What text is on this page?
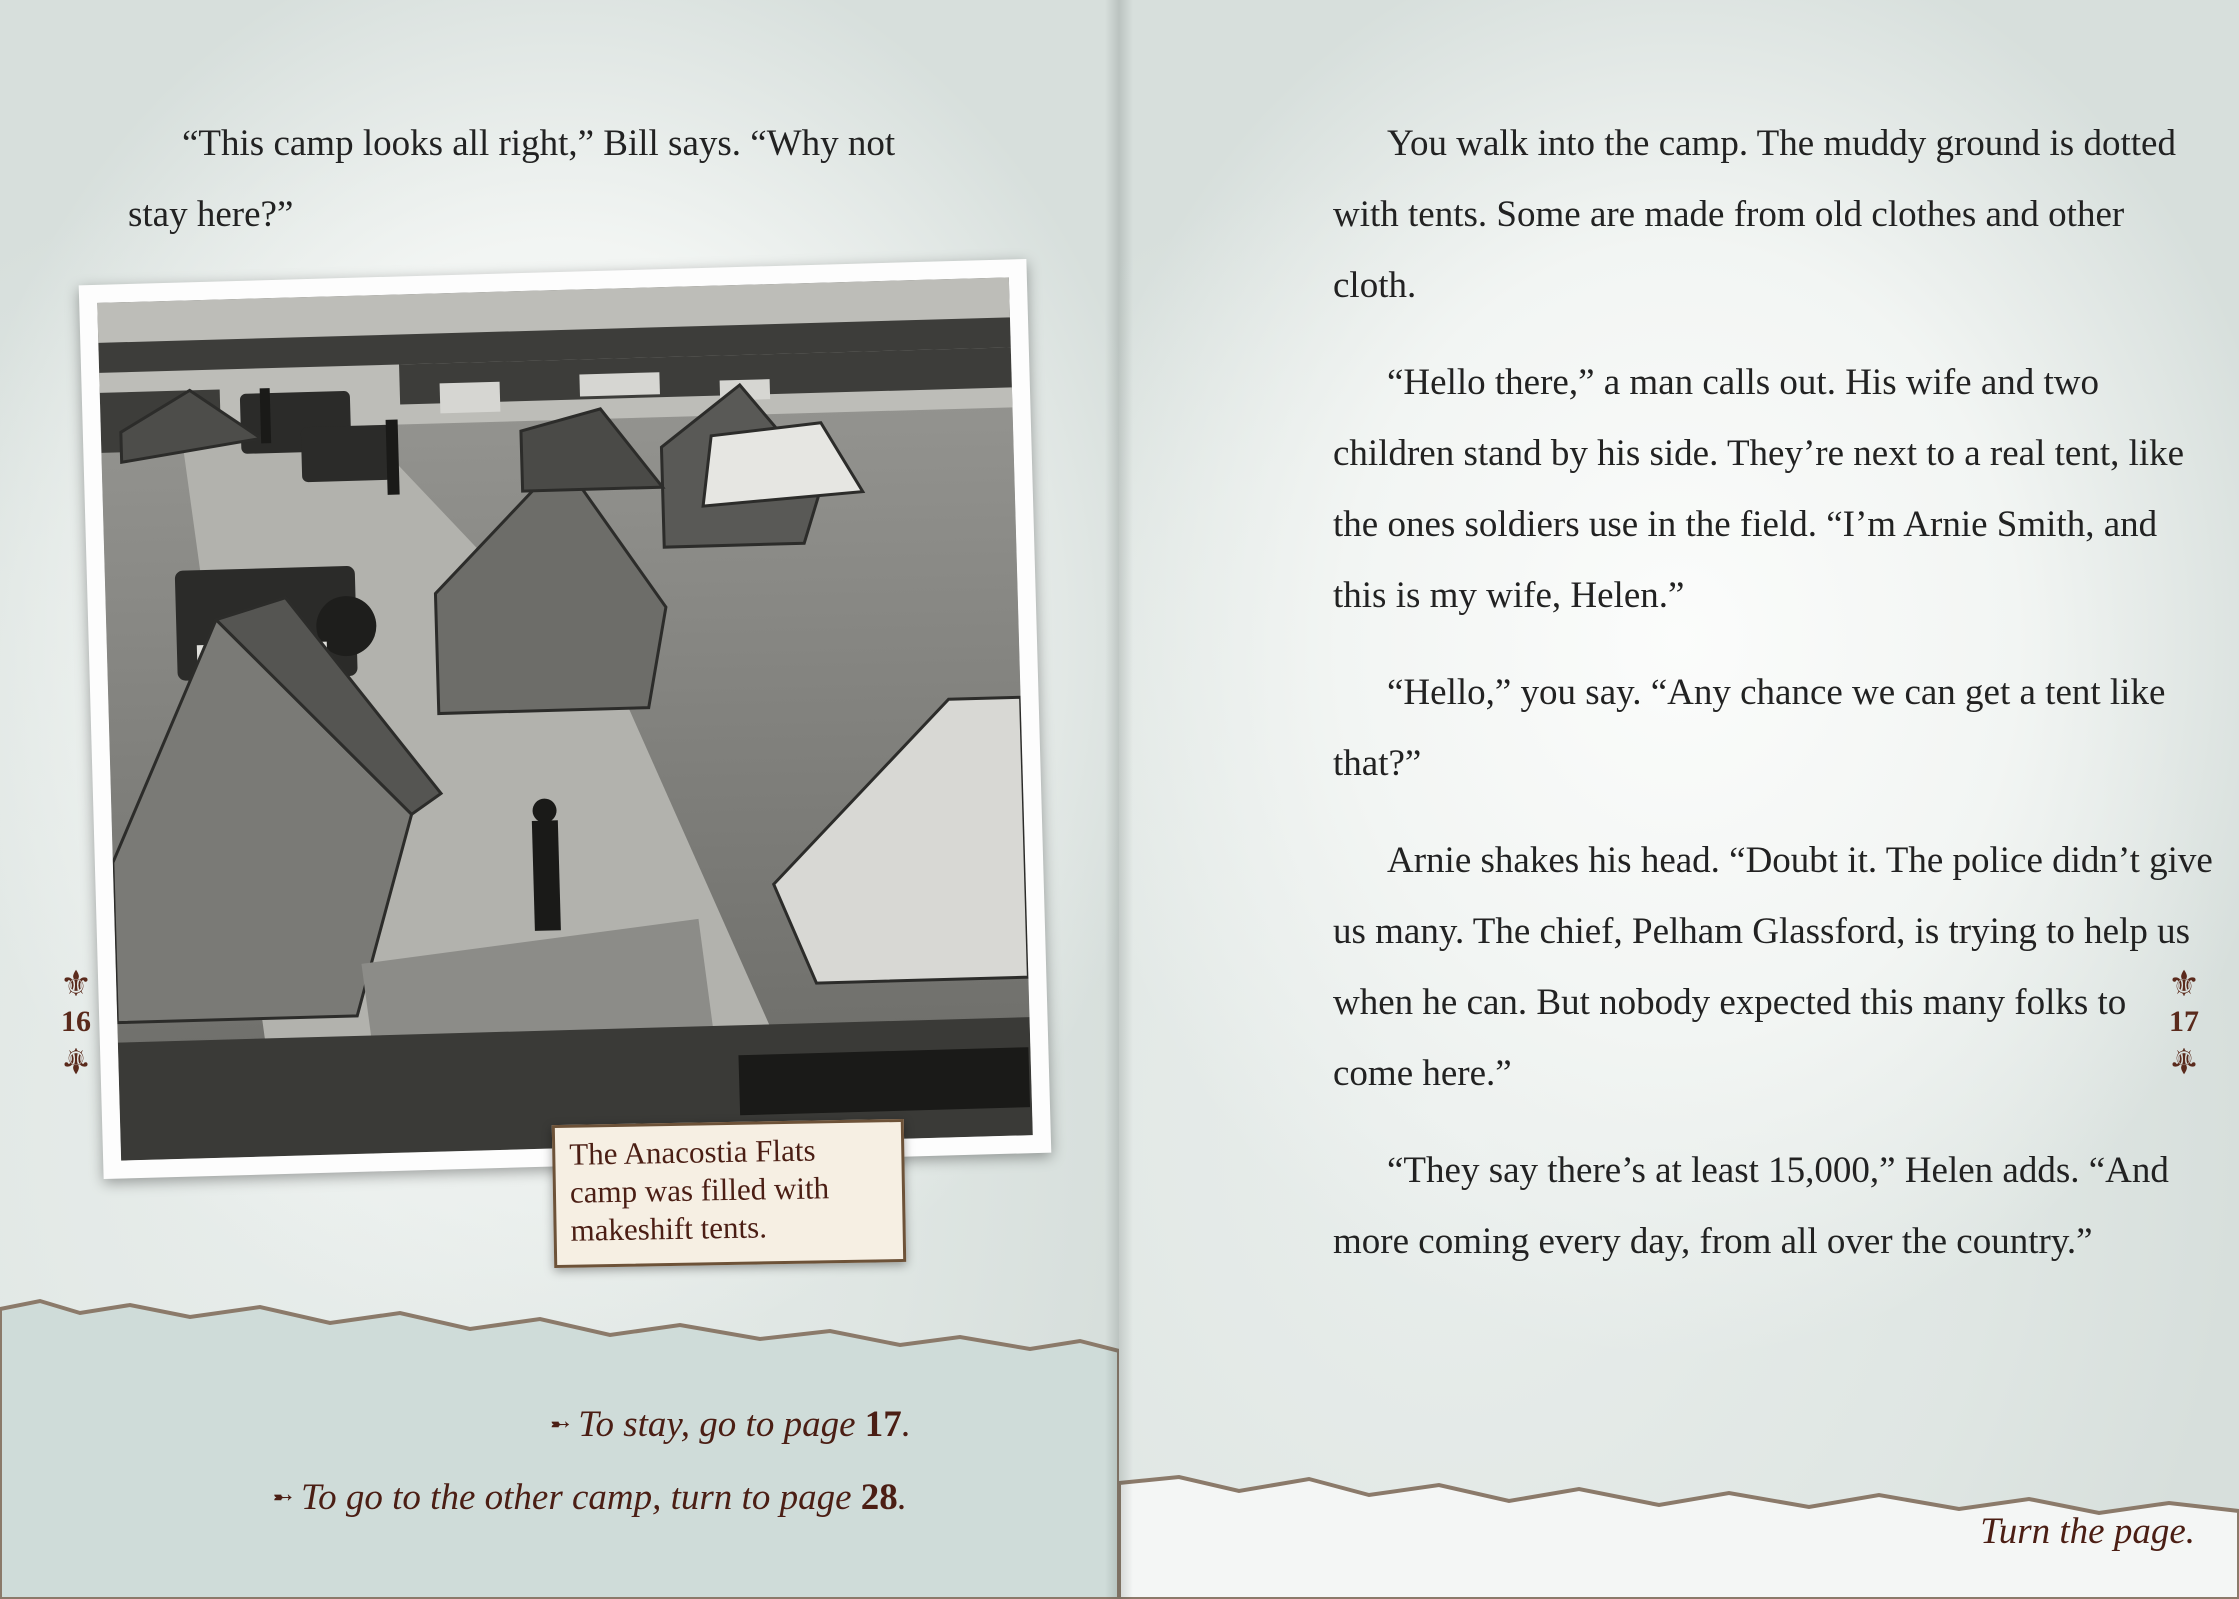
“This camp looks all right,” Bill says. “Why not stay here?”

The Anacostia Flats camp was filled with makeshift tents.
⚜
16
⚜
➸ To stay, go to page 17.
➸ To go to the other camp, turn to page 28.

You walk into the camp. The muddy ground is dotted with tents. Some are made from old clothes and other cloth.

“Hello there,” a man calls out. His wife and two children stand by his side. They’re next to a real tent, like the ones soldiers use in the field. “I’m Arnie Smith, and this is my wife, Helen.”

“Hello,” you say. “Any chance we can get a tent like that?”

Arnie shakes his head. “Doubt it. The police didn’t give us many. The chief, Pelham Glassford, is trying to help us when he can. But nobody expected this many folks to come here.”

“They say there’s at least 15,000,” Helen adds. “And more coming every day, from all over the country.”

⚜
17
⚜
Turn the page.
